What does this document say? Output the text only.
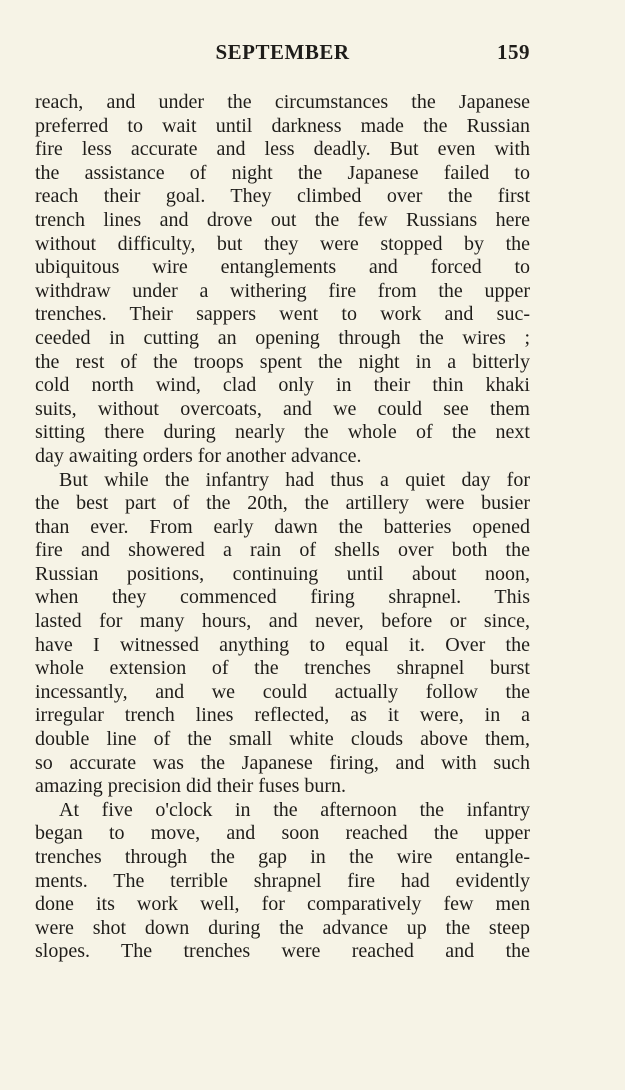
SEPTEMBER	159
reach, and under the circumstances the Japanese
preferred to wait until darkness made the Russian
fire less accurate and less deadly. But even with
the assistance of night the Japanese failed to
reach their goal. They climbed over the first
trench lines and drove out the few Russians here
without difficulty, but they were stopped by the
ubiquitous wire entanglements and forced to
withdraw under a withering fire from the upper
trenches. Their sappers went to work and suc-
ceeded in cutting an opening through the wires ;
the rest of the troops spent the night in a bitterly
cold north wind, clad only in their thin khaki
suits, without overcoats, and we could see them
sitting there during nearly the whole of the next
day awaiting orders for another advance.
But while the infantry had thus a quiet day for
the best part of the 20th, the artillery were busier
than ever. From early dawn the batteries opened
fire and showered a rain of shells over both the
Russian positions, continuing until about noon,
when they commenced firing shrapnel. This
lasted for many hours, and never, before or since,
have I witnessed anything to equal it. Over the
whole extension of the trenches shrapnel burst
incessantly, and we could actually follow the
irregular trench lines reflected, as it were, in a
double line of the small white clouds above them,
so accurate was the Japanese firing, and with such
amazing precision did their fuses burn.
At five o'clock in the afternoon the infantry
began to move, and soon reached the upper
trenches through the gap in the wire entangle-
ments. The terrible shrapnel fire had evidently
done its work well, for comparatively few men
were shot down during the advance up the steep
slopes. The trenches were reached and the
